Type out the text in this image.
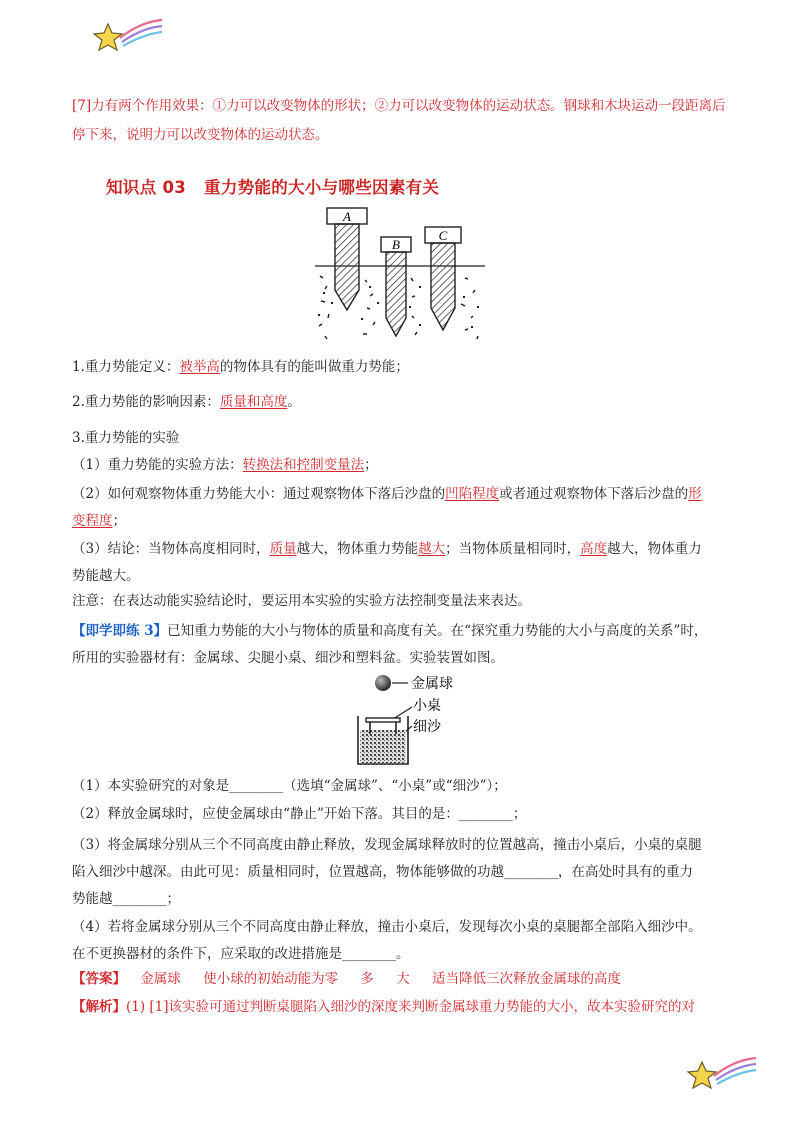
[7]力有两个作用效果：①力可以改变物体的形状；②力可以改变物体的运动状态。钢球和木块运动一段距离后停下来，说明力可以改变物体的运动状态。
知识点 03 重力势能的大小与哪些因素有关
A
B
C
1.重力势能定义：被举高的物体具有的能叫做重力势能；
2.重力势能的影响因素：质量和高度。
3.重力势能的实验
（1）重力势能的实验方法：转换法和控制变量法；
（2）如何观察物体重力势能大小：通过观察物体下落后沙盘的凹陷程度或者通过观察物体下落后沙盘的形
变程度；
（3）结论：当物体高度相同时，质量越大，物体重力势能越大；当物体质量相同时，高度越大，物体重力
势能越大。
注意：在表达动能实验结论时，要运用本实验的实验方法控制变量法来表达。
【即学即练 3】已知重力势能的大小与物体的质量和高度有关。在“探究重力势能的大小与高度的关系”时，
所用的实验器材有：金属球、尖腿小桌、细沙和塑料盆。实验装置如图。
金属球
小桌
细沙
（1）本实验研究的对象是________（选填“金属球”、“小桌”或“细沙”）；
（2）释放金属球时，应使金属球由“静止”开始下落。其目的是：________；
（3）将金属球分别从三个不同高度由静止释放，发现金属球释放时的位置越高，撞击小桌后，小桌的桌腿
陷入细沙中越深。由此可见：质量相同时，位置越高，物体能够做的功越________，在高处时具有的重力
势能越________；
（4）若将金属球分别从三个不同高度由静止释放，撞击小桌后，发现每次小桌的桌腿都全部陷入细沙中。
在不更换器材的条件下，应采取的改进措施是________。
【答案】 金属球 使小球的初始动能为零 多 大 适当降低三次释放金属球的高度
【解析】(1) [1]该实验可通过判断桌腿陷入细沙的深度来判断金属球重力势能的大小，故本实验研究的对
